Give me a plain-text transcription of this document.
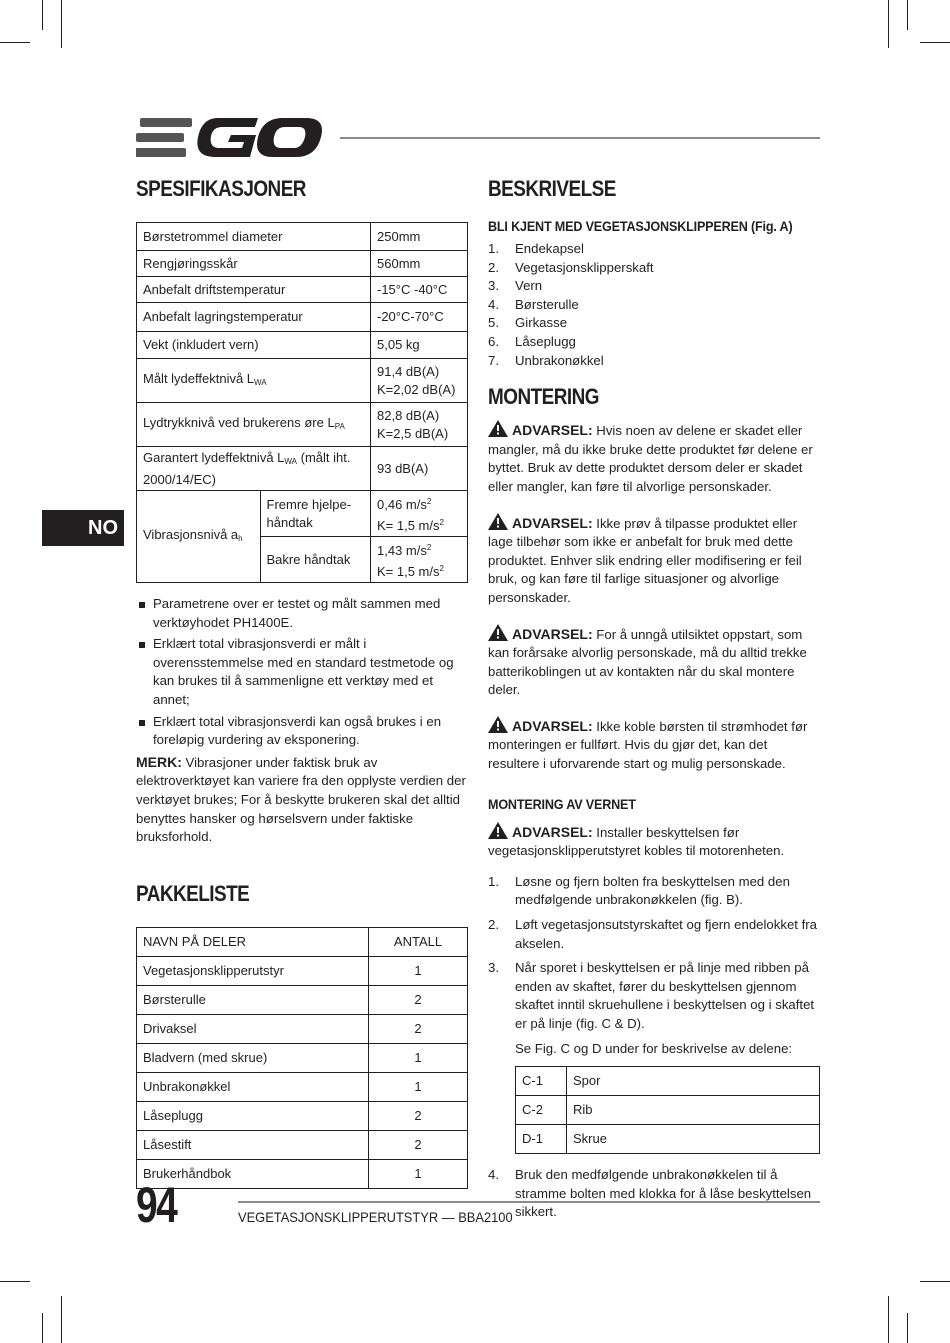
NO
SPESIFIKASJONER
Børstetrommel diameter		250mm
Rengjøringsskår		560mm
Anbefalt driftstemperatur		-15°C -40°C
Anbefalt lagringstemperatur		-20°C-70°C
Vekt (inkludert vern)		5,05 kg
Målt lydeffektnivå $L_{WA}$		91,4 dB(A)
K=2,02 dB(A)

Lydtrykknivå ved brukerens øre $L_{PA}$		82,8 dB(A)
K=2,5 dB(A)

Garantert lydeffektnivå $L_{WA}$ (målt iht. 2000/14/EC)		93 dB(A)
Vibrasjonsnivå $a_h$	Fremre hjelpe-håndtak	0,46 $m/s^2$
K= 1,5 $m/s^2$

	Bakre håndtak	1,43 $m/s^2$
K= 1,5 $m/s^2$
Parametrene over er testet og målt sammen med verktøyhodet PH1400E.
Erklært total vibrasjonsverdi er målt i overensstemmelse med en standard testmetode og kan brukes til å sammenligne ett verktøy med et annet;
Erklært total vibrasjonsverdi kan også brukes i en foreløpig vurdering av eksponering.

MERK: Vibrasjoner under faktisk bruk av elektroverktøyet kan variere fra den opplyste verdien der verktøyet brukes; For å beskytte brukeren skal det alltid benyttes hansker og hørselsvern under faktiske bruksforhold.

PAKKELISTE
NAVN PÅ DELER	ANTALL
Vegetasjonsklipperutstyr	1
Børsterulle	2
Drivaksel	2
Bladvern (med skrue)	1
Unbrakonøkkel	1
Låseplugg	2
Låsestift	2
Brukerhåndbok	1
BESKRIVELSE
BLI KJENT MED VEGETASJONSKLIPPEREN (Fig. A)
1. Endekapsel
2. Vegetasjonsklipperskaft
3. Vern
4. Børsterulle
5. Girkasse
6. Låseplugg
7. Unbrakonøkkel
MONTERING

ADVARSEL: Hvis noen av delene er skadet eller mangler, må du ikke bruke dette produktet før delene er byttet. Bruk av dette produktet dersom deler er skadet eller mangler, kan føre til alvorlige personskader.

ADVARSEL: Ikke prøv å tilpasse produktet eller lage tilbehør som ikke er anbefalt for bruk med dette produktet. Enhver slik endring eller modifisering er feil bruk, og kan føre til farlige situasjoner og alvorlige personskader.

ADVARSEL: For å unngå utilsiktet oppstart, som kan forårsake alvorlig personskade, må du alltid trekke batterikoblingen ut av kontakten når du skal montere deler.

ADVARSEL: Ikke koble børsten til strømhodet før monteringen er fullført. Hvis du gjør det, kan det resultere i uforvarende start og mulig personskade.

MONTERING AV VERNET

ADVARSEL: Installer beskyttelsen før vegetasjonsklipperutstyret kobles til motorenheten.

1. Løsne og fjern bolten fra beskyttelsen med den medfølgende unbrakonøkkelen (fig. B).
2. Løft vegetasjonsutstyrskaftet og fjern endelokket fra akselen.
3. Når sporet i beskyttelsen er på linje med ribben på enden av skaftet, fører du beskyttelsen gjennom skaftet inntil skruehullene i beskyttelsen og i skaftet er på linje (fig. C & D).
Se Fig. C og D under for beskrivelse av delene:
C-1	Spor
C-2	Rib
D-1	Skrue
4. Bruk den medfølgende unbrakonøkkelen til å stramme bolten med klokka for å låse beskyttelsen sikkert.
94	VEGETASJONSKLIPPERUTSTYR — BBA2100
